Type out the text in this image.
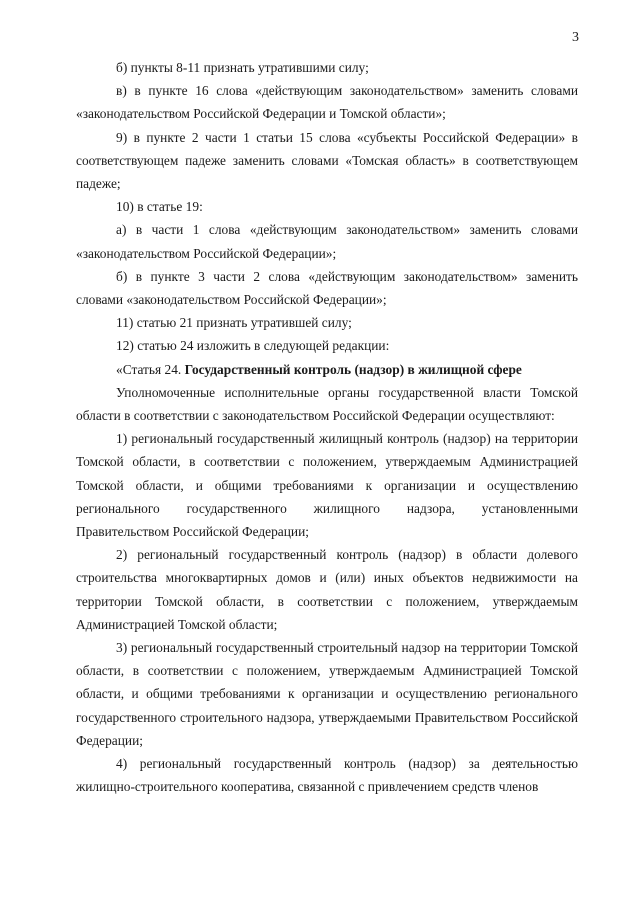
3

б) пункты 8-11 признать утратившими силу;

в) в пункте 16 слова «действующим законодательством» заменить словами «законодательством Российской Федерации и Томской области»;

9) в пункте 2 части 1 статьи 15 слова «субъекты Российской Федерации» в соответствующем падеже заменить словами «Томская область» в соответствующем падеже;

10) в статье 19:

а) в части 1 слова «действующим законодательством» заменить словами «законодательством Российской Федерации»;

б) в пункте 3 части 2 слова «действующим законодательством» заменить словами «законодательством Российской Федерации»;

11) статью 21 признать утратившей силу;

12) статью 24 изложить в следующей редакции:

«Статья 24. Государственный контроль (надзор) в жилищной сфере

Уполномоченные исполнительные органы государственной власти Томской области в соответствии с законодательством Российской Федерации осуществляют:

1) региональный государственный жилищный контроль (надзор) на территории Томской области, в соответствии с положением, утверждаемым Администрацией Томской области, и общими требованиями к организации и осуществлению регионального государственного жилищного надзора, установленными Правительством Российской Федерации;

2) региональный государственный контроль (надзор) в области долевого строительства многоквартирных домов и (или) иных объектов недвижимости на территории Томской области, в соответствии с положением, утверждаемым Администрацией Томской области;

3) региональный государственный строительный надзор на территории Томской области, в соответствии с положением, утверждаемым Администрацией Томской области, и общими требованиями к организации и осуществлению регионального государственного строительного надзора, утверждаемыми Правительством Российской Федерации;

4) региональный государственный контроль (надзор) за деятельностью жилищно-строительного кооператива, связанной с привлечением средств членов
